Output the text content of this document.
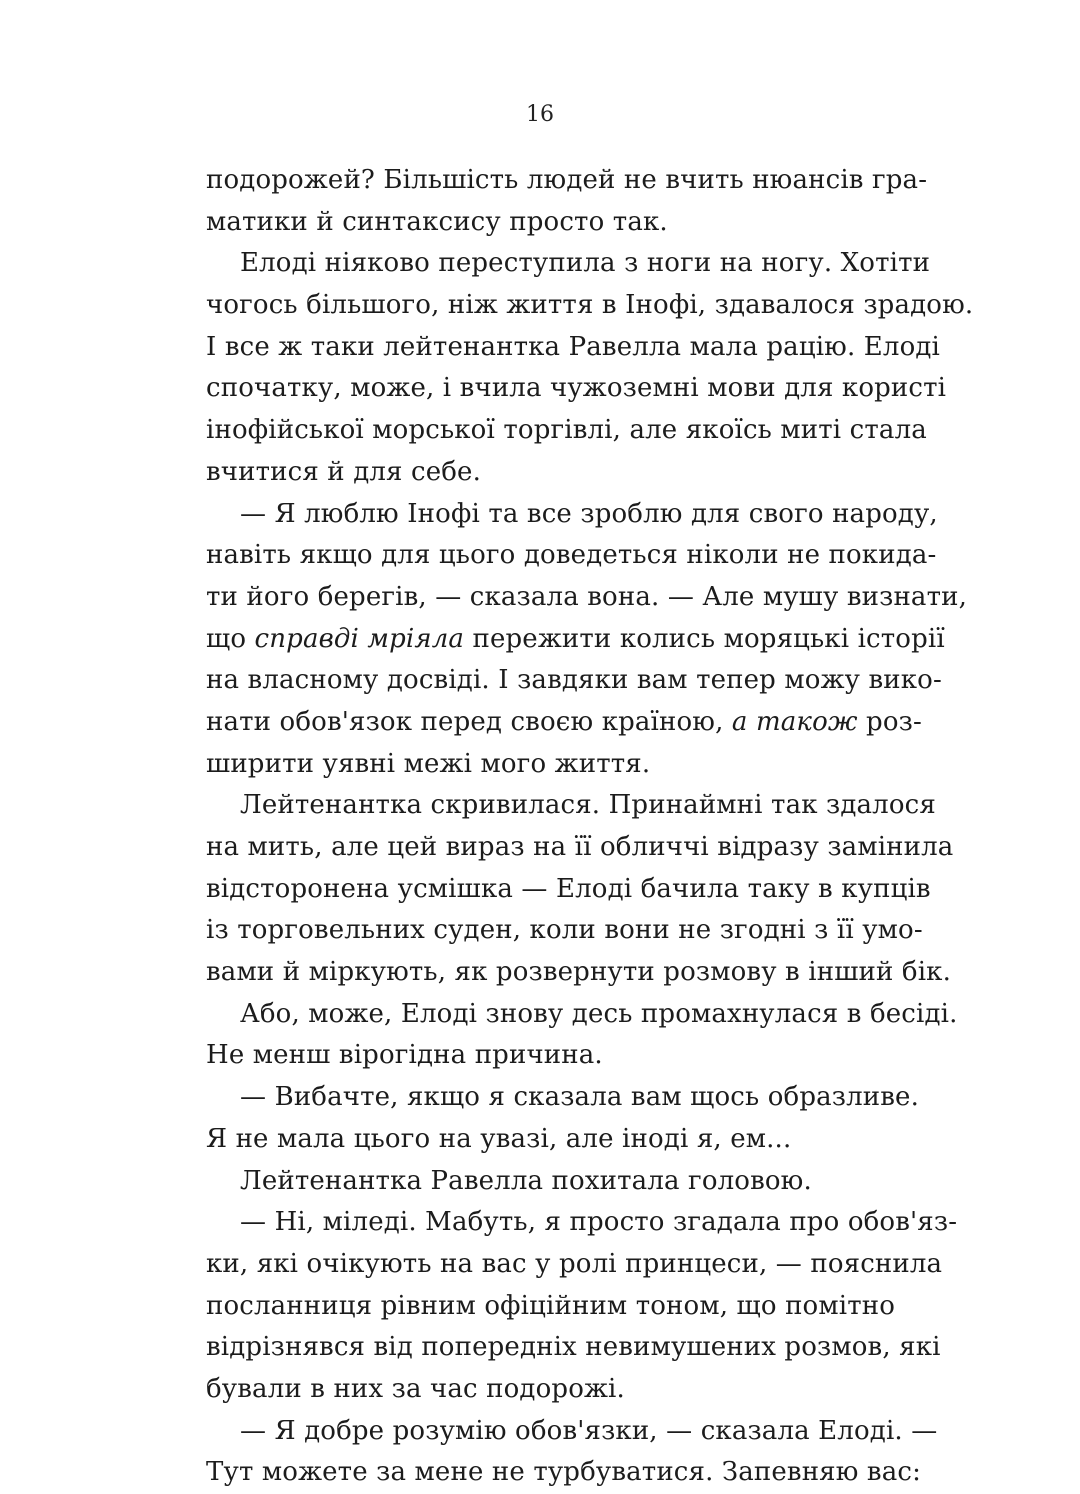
16
подорожей? Більшість людей не вчить нюансів гра-
матики й синтаксису просто так.
Елоді ніяково переступила з ноги на ногу. Хотіти
чогось більшого, ніж життя в Інофі, здавалося зрадою.
І все ж таки лейтенантка Равелла мала рацію. Елоді
спочатку, може, і вчила чужоземні мови для користі
інофійської морської торгівлі, але якоїсь миті стала
вчитися й для себе.
— Я люблю Інофі та все зроблю для свого народу,
навіть якщо для цього доведеться ніколи не покида-
ти його берегів, — сказала вона. — Але мушу визнати,
що справді мріяла пережити колись моряцькі історії
на власному досвіді. І завдяки вам тепер можу вико-
нати обов'язок перед своєю країною, а також роз-
ширити уявні межі мого життя.
Лейтенантка скривилася. Принаймні так здалося
на мить, але цей вираз на її обличчі відразу замінила
відсторонена усмішка — Елоді бачила таку в купців
із торговельних суден, коли вони не згодні з її умо-
вами й міркують, як розвернути розмову в інший бік.
Або, може, Елоді знову десь промахнулася в бесіді.
Не менш вірогідна причина.
— Вибачте, якщо я сказала вам щось образливе.
Я не мала цього на увазі, але іноді я, ем...
Лейтенантка Равелла похитала головою.
— Ні, міледі. Мабуть, я просто згадала про обов'яз-
ки, які очікують на вас у ролі принцеси, — пояснила
посланниця рівним офіційним тоном, що помітно
відрізнявся від попередніх невимушених розмов, які
бували в них за час подорожі.
— Я добре розумію обов'язки, — сказала Елоді. —
Тут можете за мене не турбуватися. Запевняю вас:
